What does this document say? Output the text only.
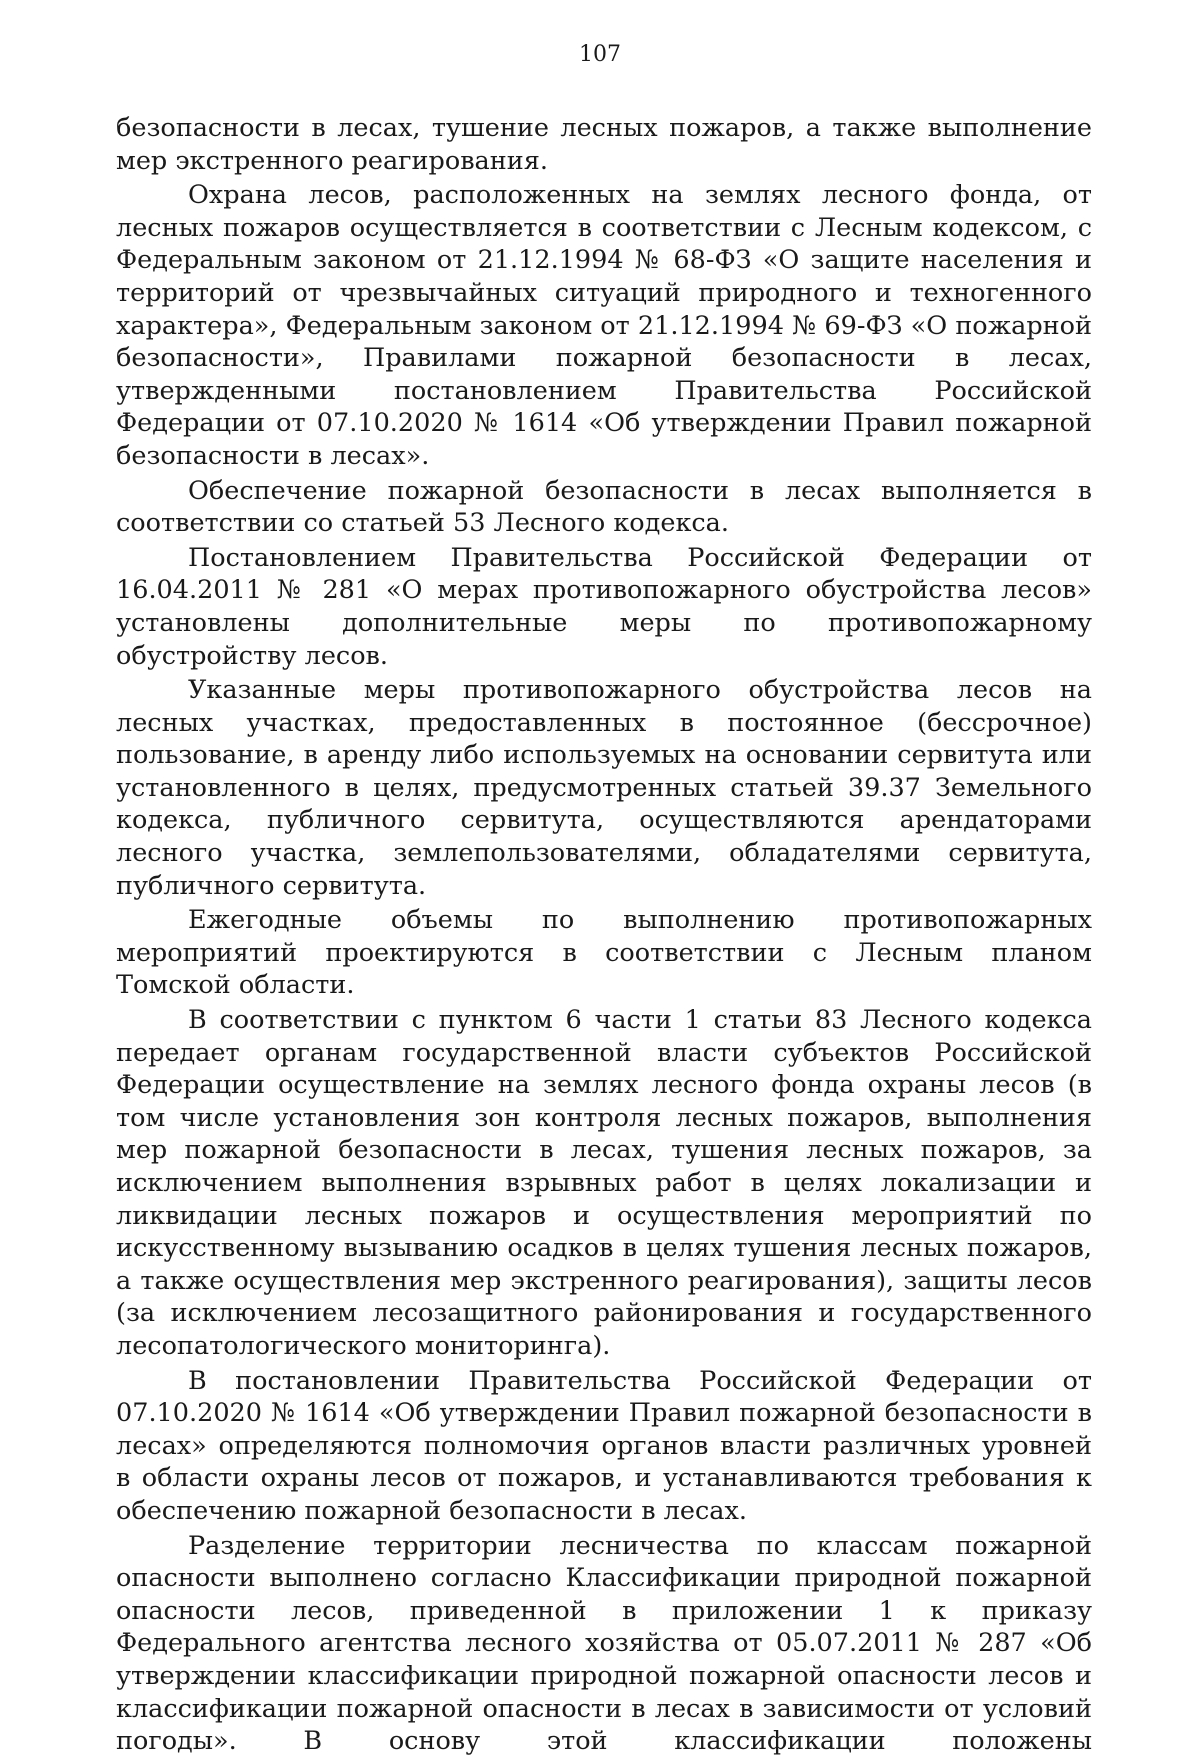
107

безопасности в лесах, тушение лесных пожаров, а также выполнение мер экстренного реагирования.

Охрана лесов, расположенных на землях лесного фонда, от лесных пожаров осуществляется в соответствии с Лесным кодексом, с Федеральным законом от 21.12.1994 № 68-ФЗ «О защите населения и территорий от чрезвычайных ситуаций природного и техногенного характера», Федеральным законом от 21.12.1994 № 69-ФЗ «О пожарной безопасности», Правилами пожарной безопасности в лесах, утвержденными постановлением Правительства Российской Федерации от 07.10.2020 № 1614 «Об утверждении Правил пожарной безопасности в лесах».

Обеспечение пожарной безопасности в лесах выполняется в соответствии со статьей 53 Лесного кодекса.

Постановлением Правительства Российской Федерации от 16.04.2011 № 281 «О мерах противопожарного обустройства лесов» установлены дополнительные меры по противопожарному обустройству лесов.

Указанные меры противопожарного обустройства лесов на лесных участках, предоставленных в постоянное (бессрочное) пользование, в аренду либо используемых на основании сервитута или установленного в целях, предусмотренных статьей 39.37 Земельного кодекса, публичного сервитута, осуществляются арендаторами лесного участка, землепользователями, обладателями сервитута, публичного сервитута.

Ежегодные объемы по выполнению противопожарных мероприятий проектируются в соответствии с Лесным планом Томской области.

В соответствии с пунктом 6 части 1 статьи 83 Лесного кодекса передает органам государственной власти субъектов Российской Федерации осуществление на землях лесного фонда охраны лесов (в том числе установления зон контроля лесных пожаров, выполнения мер пожарной безопасности в лесах, тушения лесных пожаров, за исключением выполнения взрывных работ в целях локализации и ликвидации лесных пожаров и осуществления мероприятий по искусственному вызыванию осадков в целях тушения лесных пожаров, а также осуществления мер экстренного реагирования), защиты лесов (за исключением лесозащитного районирования и государственного лесопатологического мониторинга).

В постановлении Правительства Российской Федерации от 07.10.2020 № 1614 «Об утверждении Правил пожарной безопасности в лесах» определяются полномочия органов власти различных уровней в области охраны лесов от пожаров, и устанавливаются требования к обеспечению пожарной безопасности в лесах.

Разделение территории лесничества по классам пожарной опасности выполнено согласно Классификации природной пожарной опасности лесов, приведенной в приложении 1 к приказу Федерального агентства лесного хозяйства от 05.07.2011 № 287 «Об утверждении классификации природной пожарной опасности лесов и классификации пожарной опасности в лесах в зависимости от условий погоды». В основу этой классификации положены
